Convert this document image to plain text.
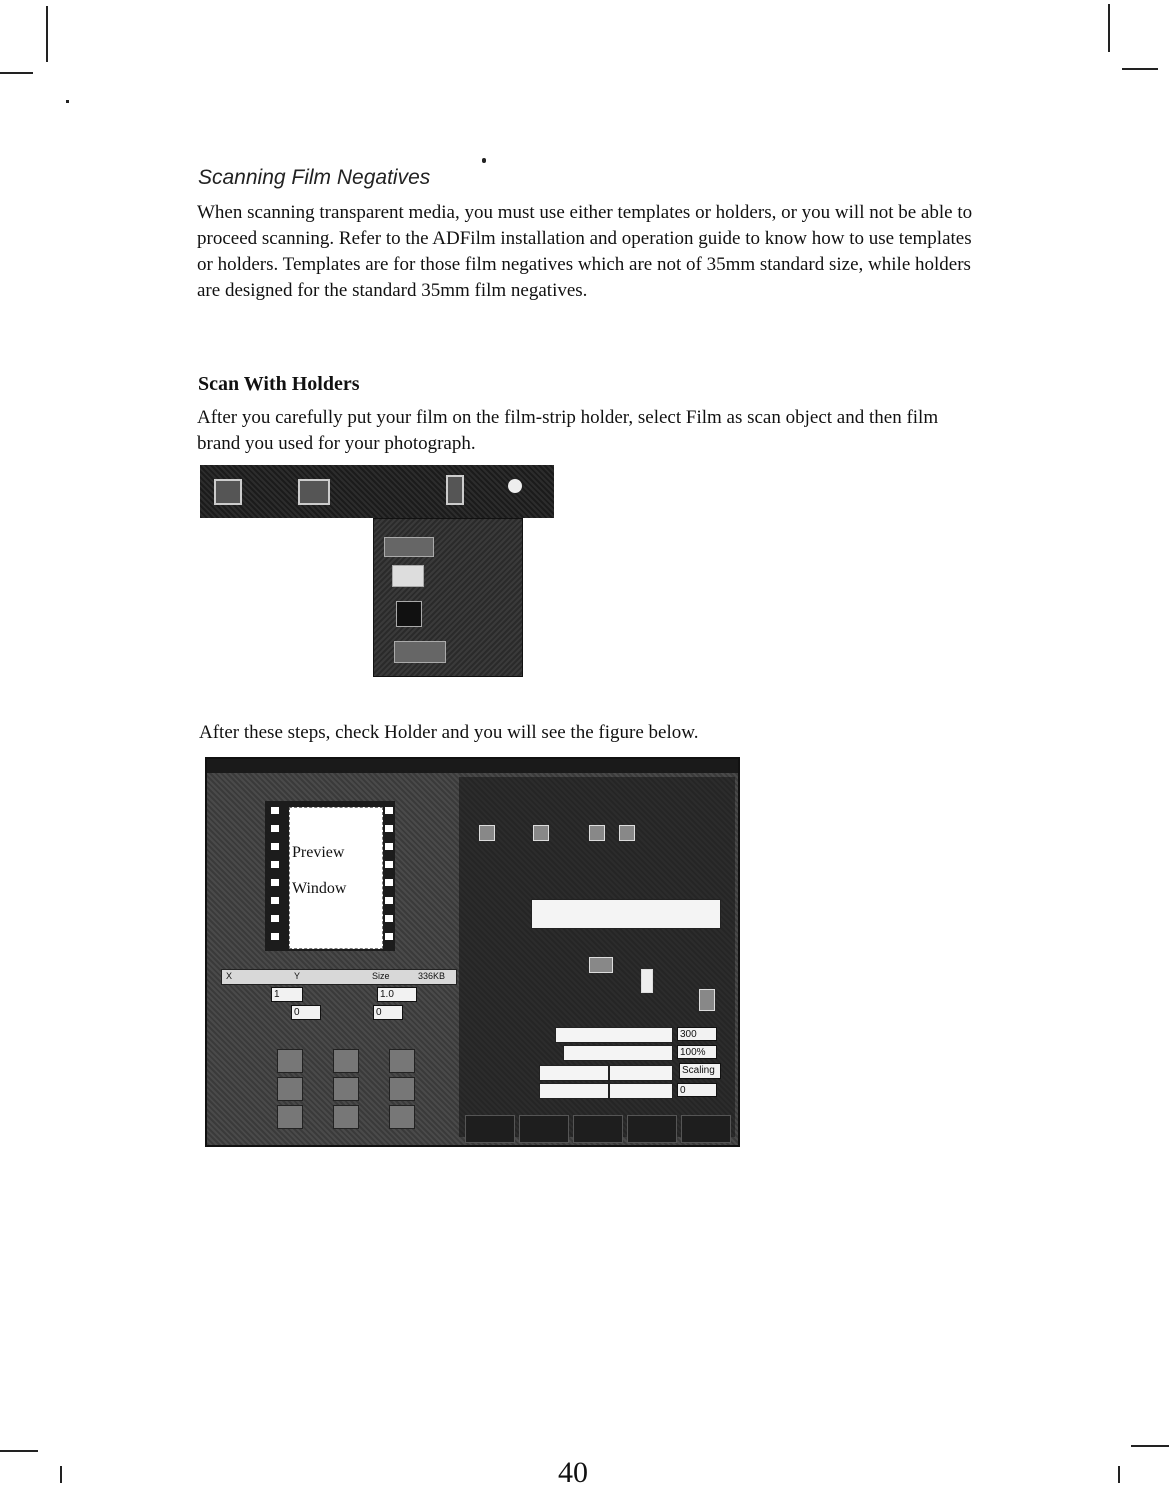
Scanning Film Negatives
When scanning transparent media, you must use either templates or holders, or you will not be able to proceed scanning. Refer to the ADFilm installation and operation guide to know how to use templates or holders. Templates are for those film negatives which are not of 35mm standard size, while holders are designed for the standard 35mm film negatives.
Scan With Holders
After you carefully put your film on the film-strip holder, select Film as scan object and then film brand you used for your photograph.
After these steps, check Holder and you will see the figure below.
Preview
Window
X	Y	Size	336KB
1	1.0
0	0
300
100%
Scaling
0
40
